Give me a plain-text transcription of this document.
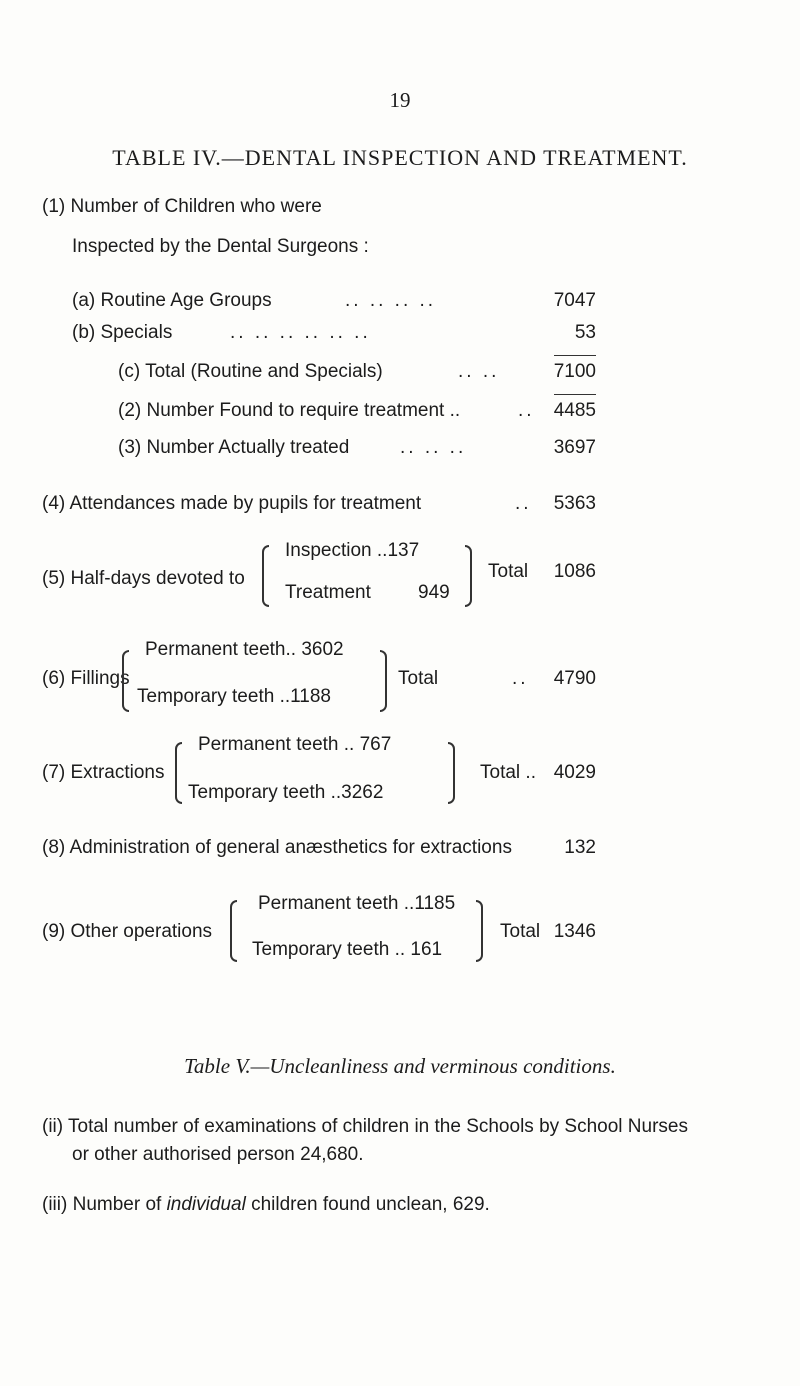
19
TABLE IV.—DENTAL INSPECTION AND TREATMENT.
(1) Number of Children who were
Inspected by the Dental Surgeons :
(a) Routine Age Groups	.. .. .. ..	7047
(b) Specials	.. .. .. .. .. ..	53
(c) Total (Routine and Specials)	.. ..	7100
(2) Number Found to require treatment ..	..	4485
(3) Number Actually treated	.. .. ..	3697
(4) Attendances made by pupils for treatment	..	5363
(5) Half-days devoted to
Inspection ..137
Treatment 949
Total	1086
(6) Fillings
Permanent teeth.. 3602
Temporary teeth ..1188
Total	..	4790
(7) Extractions
Permanent teeth .. 767
Temporary teeth ..3262
Total .. 4029
(8) Administration of general anæsthetics for extractions	132
(9) Other operations
Permanent teeth ..1185
Temporary teeth .. 161
Total 1346
Table V.—Uncleanliness and verminous conditions.
(ii) Total number of examinations of children in the Schools by School Nurses
or other authorised person 24,680.
(iii) Number of individual children found unclean, 629.
